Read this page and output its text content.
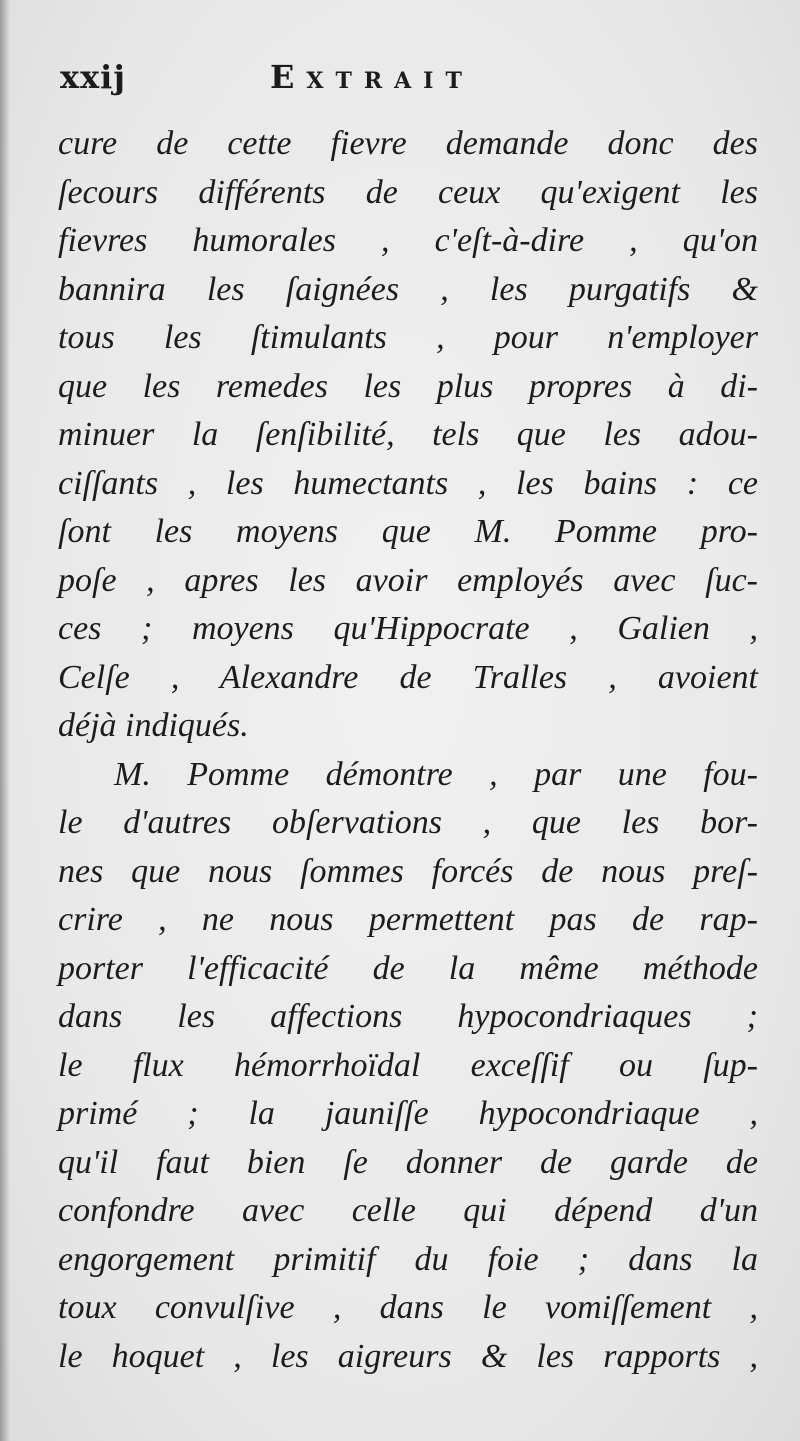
xxij	Extrait
cure de cette fievre demande donc des
ſecours différents de ceux qu'exigent les
fievres humorales , c'eſt-à-dire , qu'on
bannira les ſaignées , les purgatifs &
tous les ſtimulants , pour n'employer
que les remedes les plus propres à di-
minuer la ſenſibilité, tels que les adou-
ciſſants , les humectants , les bains : ce
ſont les moyens que M. Pomme pro-
poſe , apres les avoir employés avec ſuc-
ces ; moyens qu'Hippocrate , Galien ,
Celſe , Alexandre de Tralles , avoient
déjà indiqués.
M. Pomme démontre , par une fou-
le d'autres obſervations , que les bor-
nes que nous ſommes forcés de nous preſ-
crire , ne nous permettent pas de rap-
porter l'efficacité de la même méthode
dans les affections hypocondriaques ;
le flux hémorrhoïdal exceſſif ou ſup-
primé ; la jauniſſe hypocondriaque ,
qu'il faut bien ſe donner de garde de
confondre avec celle qui dépend d'un
engorgement primitif du foie ; dans la
toux convulſive , dans le vomiſſement ,
le hoquet , les aigreurs & les rapports ,
